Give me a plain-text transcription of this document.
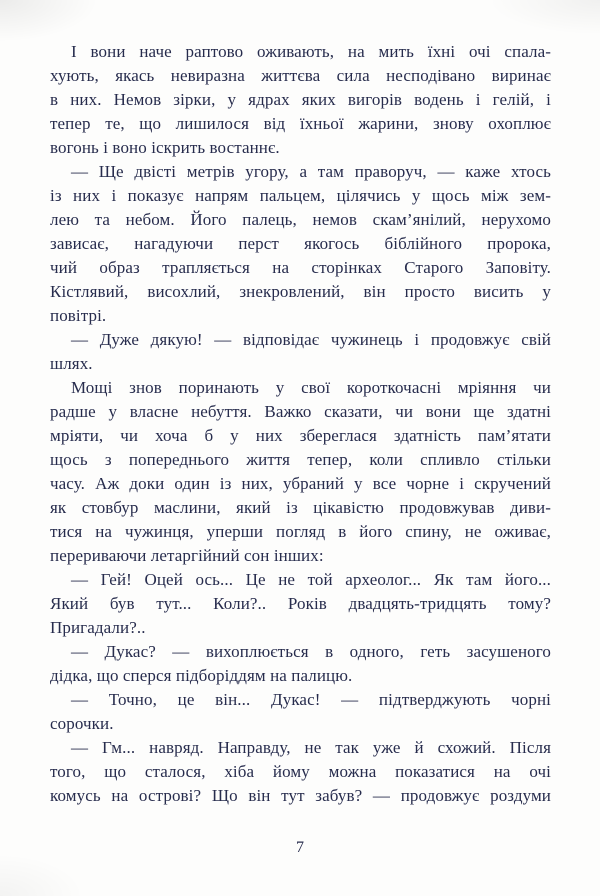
І вони наче раптово оживають, на мить їхні очі спала-
хують, якась невиразна життєва сила несподівано виринає
в них. Немов зірки, у ядрах яких вигорів водень і гелій, і
тепер те, що лишилося від їхньої жарини, знову охоплює
вогонь і воно іскрить востаннє.
— Ще двісті метрів угору, а там праворуч, — каже хтось
із них і показує напрям пальцем, цілячись у щось між зем-
лею та небом. Його палець, немов скам’янілий, нерухомо
зависає, нагадуючи перст якогось біблійного пророка,
чий образ трапляється на сторінках Старого Заповіту.
Кістлявий, висохлий, знекровлений, він просто висить у
повітрі.
— Дуже дякую! — відповідає чужинець і продовжує свій
шлях.
Мощі знов поринають у свої короткочасні мріяння чи
радше у власне небуття. Важко сказати, чи вони ще здатні
мріяти, чи хоча б у них збереглася здатність пам’ятати
щось з попереднього життя тепер, коли спливло стільки
часу. Аж доки один із них, убраний у все чорне і скручений
як стовбур маслини, який із цікавістю продовжував диви-
тися на чужинця, уперши погляд в його спину, не оживає,
перериваючи летаргійний сон інших:
— Гей! Оцей ось... Це не той археолог... Як там його...
Який був тут... Коли?.. Років двадцять-тридцять тому?
Пригадали?..
— Дукас? — вихоплюється в одного, геть засушеного
дідка, що сперся підборіддям на палицю.
— Точно, це він... Дукас! — підтверджують чорні
сорочки.
— Гм... навряд. Направду, не так уже й схожий. Після
того, що сталося, хіба йому можна показатися на очі
комусь на острові? Що він тут забув? — продовжує роздуми
7
